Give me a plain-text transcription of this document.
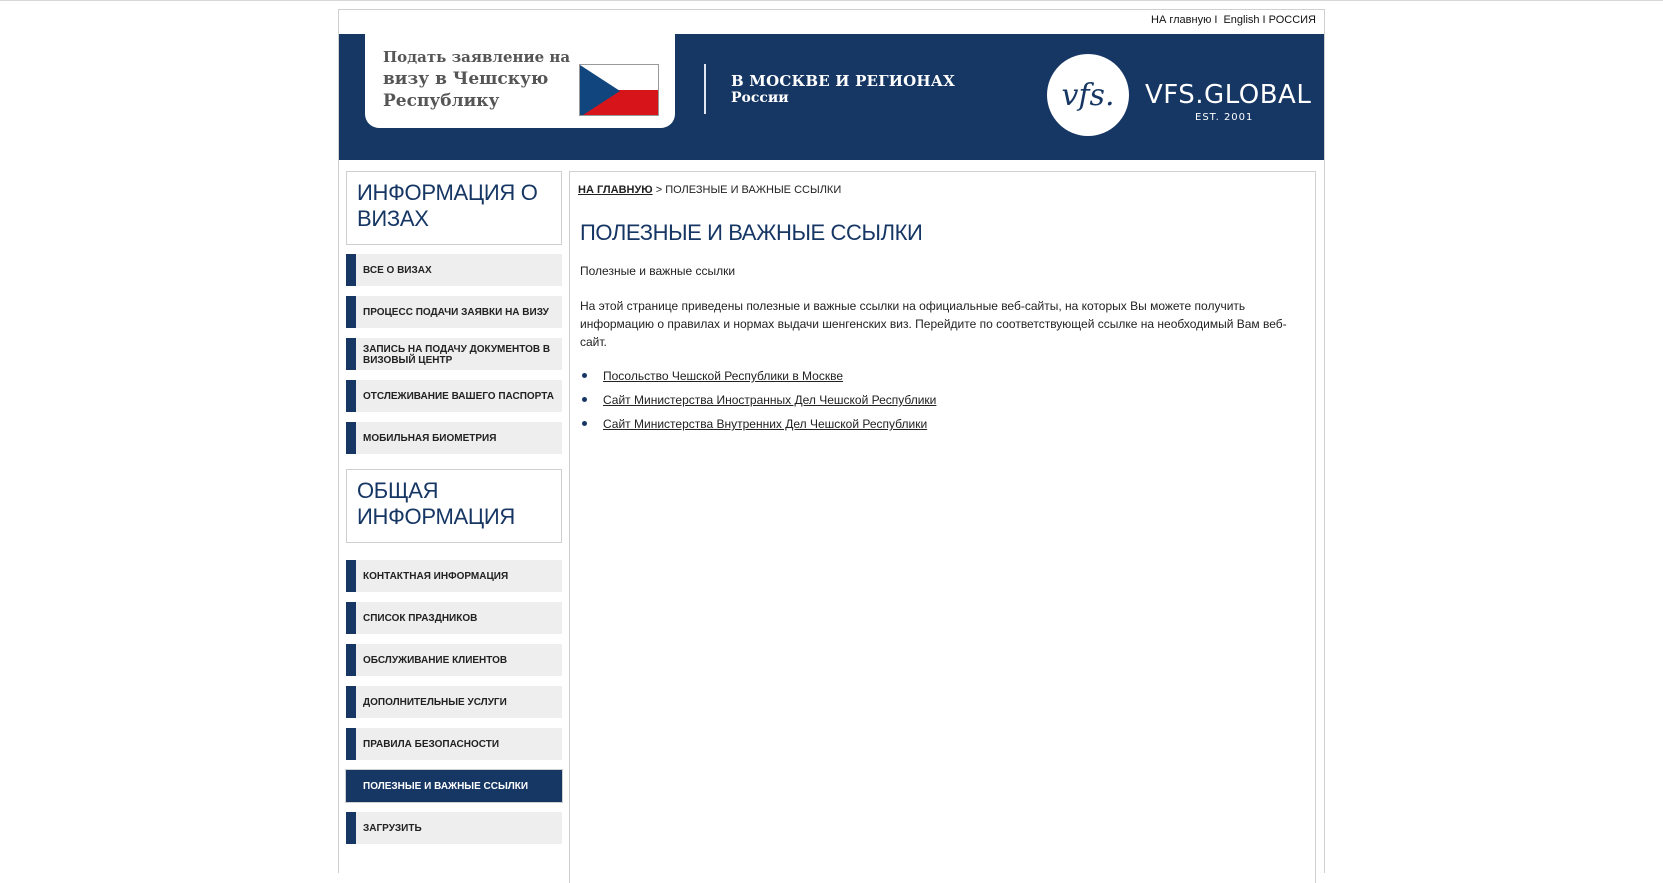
НА главную I English I РОССИЯ
Подать заявление на
визу в Чешскую
Республику
В МОСКВЕ И РЕГИОНАХ
России	vfs. VFS.GLOBAL
EST. 2001
ИНФОРМАЦИЯ О ВИЗАХ
ВСЕ О ВИЗАХ
ПРОЦЕСС ПОДАЧИ ЗАЯВКИ НА ВИЗУ
ЗАПИСЬ НА ПОДАЧУ ДОКУМЕНТОВ В ВИЗОВЫЙ ЦЕНТР
ОТСЛЕЖИВАНИЕ ВАШЕГО ПАСПОРТА
МОБИЛЬНАЯ БИОМЕТРИЯ
ОБЩАЯ ИНФОРМАЦИЯ
КОНТАКТНАЯ ИНФОРМАЦИЯ
СПИСОК ПРАЗДНИКОВ
ОБСЛУЖИВАНИЕ КЛИЕНТОВ
ДОПОЛНИТЕЛЬНЫЕ УСЛУГИ
ПРАВИЛА БЕЗОПАСНОСТИ
ПОЛЕЗНЫЕ И ВАЖНЫЕ ССЫЛКИ
ЗАГРУЗИТЬ
НА ГЛАВНУЮ > ПОЛЕЗНЫЕ И ВАЖНЫЕ ССЫЛКИ
ПОЛЕЗНЫЕ И ВАЖНЫЕ ССЫЛКИ
Полезные и важные ссылки
На этой странице приведены полезные и важные ссылки на официальные веб-сайты, на которых Вы можете получить информацию о правилах и нормах выдачи шенгенских виз. Перейдите по соответствующей ссылке на необходимый Вам веб-сайт.
Посольство Чешской Республики в Москве
Сайт Министерства Иностранных Дел Чешской Республики
Сайт Министерства Внутренних Дел Чешской Республики
